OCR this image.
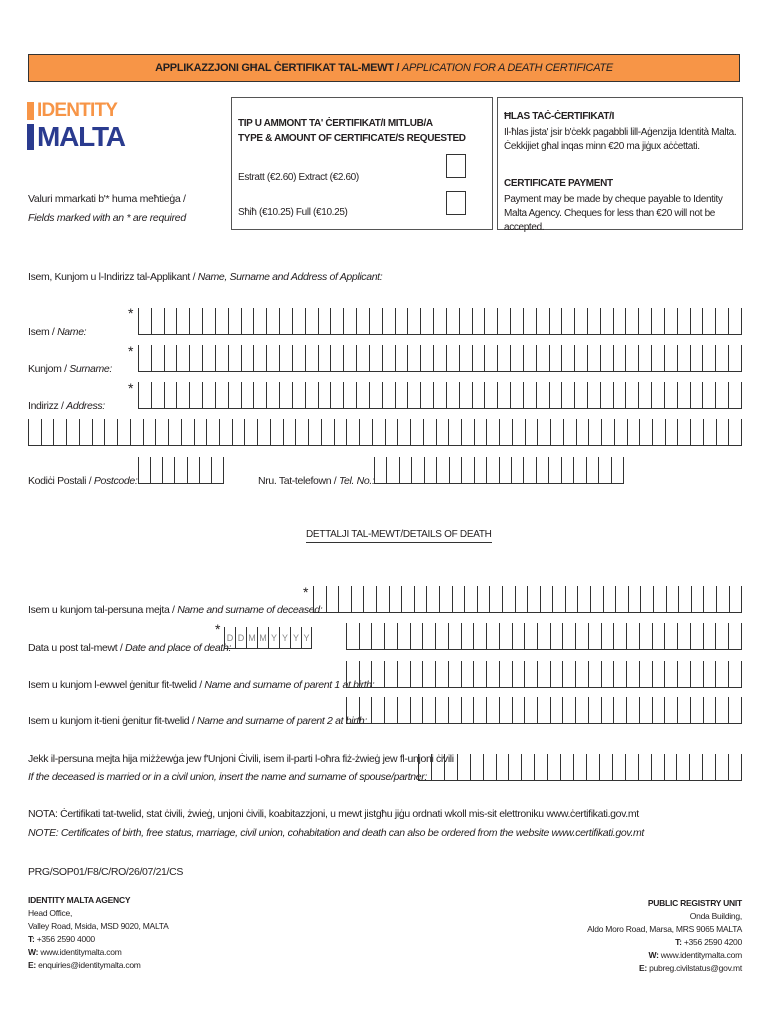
APPLIKAZZJONI GĦAL ĊERTIFIKAT TAL-MEWT / APPLICATION FOR A DEATH CERTIFICATE
IDENTITY
MALTA
Valuri mmarkati b'* huma meħtieġa /
Fields marked with an * are required
TIP U AMMONT TA' ĊERTIFIKAT/I MITLUB/A
TYPE & AMOUNT OF CERTIFICATE/S REQUESTED
Estratt (€2.60) Extract (€2.60)
Sħiħ (€10.25) Full (€10.25)
ĦLAS TAĊ-ĊERTIFIKAT/I
Il-ħlas jista' jsir b'ċekk pagabbli lill-Aġenzija Identità Malta. Ċekkijiet għal inqas minn €20 ma jiġux aċċettati.
CERTIFICATE PAYMENT
Payment may be made by cheque payable to Identity Malta Agency. Cheques for less than €20 will not be accepted.
Isem, Kunjom u l-Indirizz tal-Applikant / Name, Surname and Address of Applicant:
Isem / Name:
*
Kunjom / Surname:
*
Indirizz / Address:
*
Kodiċi Postali / Postcode:	Nru. Tat-telefown / Tel. No.:
DETTALJI TAL-MEWT/DETAILS OF DEATH
Isem u kunjom tal-persuna mejta / Name and surname of deceased:
*
Data u post tal-mewt / Date and place of death:
*
D D M M Y Y Y Y
Isem u kunjom l-ewwel ġenitur fit-twelid / Name and surname of parent 1 at birth:
Isem u kunjom it-tieni ġenitur fit-twelid / Name and surname of parent 2 at birth:
Jekk il-persuna mejta hija miżżewġa jew f'Unjoni Ċivili, isem il-parti l-oħra fiż-żwieġ jew fl-unjoni ċivili
If the deceased is married or in a civil union, insert the name and surname of spouse/partner:
NOTA: Ċertifikati tat-twelid, stat ċivili, żwieġ, unjoni ċivili, koabitazzjoni, u mewt jistgħu jiġu ordnati wkoll mis-sit elettroniku www.ċertifikati.gov.mt
NOTE: Certificates of birth, free status, marriage, civil union, cohabitation and death can also be ordered from the website www.certifikati.gov.mt
PRG/SOP01/F8/C/RO/26/07/21/CS
IDENTITY MALTA AGENCY
Head Office,
Valley Road, Msida, MSD 9020, MALTA
T: +356 2590 4000
W: www.identitymalta.com
E: enquiries@identitymalta.com
PUBLIC REGISTRY UNIT
Onda Building,
Aldo Moro Road, Marsa, MRS 9065 MALTA
T: +356 2590 4200
W: www.identitymalta.com
E: pubreg.civilstatus@gov.mt
